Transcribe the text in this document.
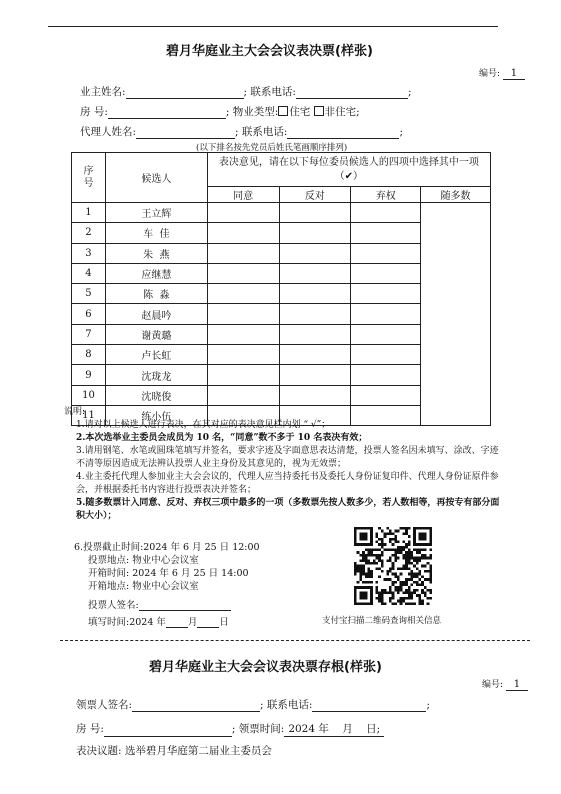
碧月华庭业主大会会议表决票(样张)
编号: 1
业主姓名:	; 联系电话:	;
房 号:	; 物业类型: 住宅 非住宅;
代理人姓名:	; 联系电话:	;
(以下排名按先党员后姓氏笔画顺序排列)
序号	候选人	表决意见，请在以下每位委员候选人的四项中选择其中一项（✔）			
		同意	反对	弃权	随多数
1	王立辉				
2	车  佳				
3	朱  燕				
4	应继慧				
5	陈  淼				
6	赵晨吟				
7	谢黄璐				
8	卢长虹				
9	沈珑龙				
10	沈晓俊				
11	练小伍				
说明:
1.请对以上候选人进行表决，在其对应的表决意见栏内划 “ √”；
2.本次选举业主委员会成员为 10 名，“同意”数不多于 10 名表决有效；
3.请用钢笔、水笔或圆珠笔填写并签名，要求字迹及字面意思表达清楚，投票人签名因未填写、涂改、字迹不清等原因造成无法辨认投票人业主身份及其意见的，视为无效票；
4.业主委托代理人参加业主大会会议的，代理人应当持委托书及委托人身份证复印件、代理人身份证原件参会，并根据委托书内容进行投票表决并签名；
5.随多数票计入同意、反对、弃权三项中最多的一项（多数票先按人数多少，若人数相等，再按专有部分面积大小）；
6.投票截止时间:2024 年 6 月 25 日 12:00
投票地点: 物业中心会议室
开箱时间: 2024 年 6 月 25 日 14:00
开箱地点: 物业中心会议室
投票人签名:
填写时间:2024 年 月 日	支付宝扫描二维码查询相关信息
碧月华庭业主大会会议表决票存根(样张)
编号: 1
领票人签名:	; 联系电话:	;
房 号:	; 领票时间: 2024 年    月    日;
表决议题: 选举碧月华庭第二届业主委员会
